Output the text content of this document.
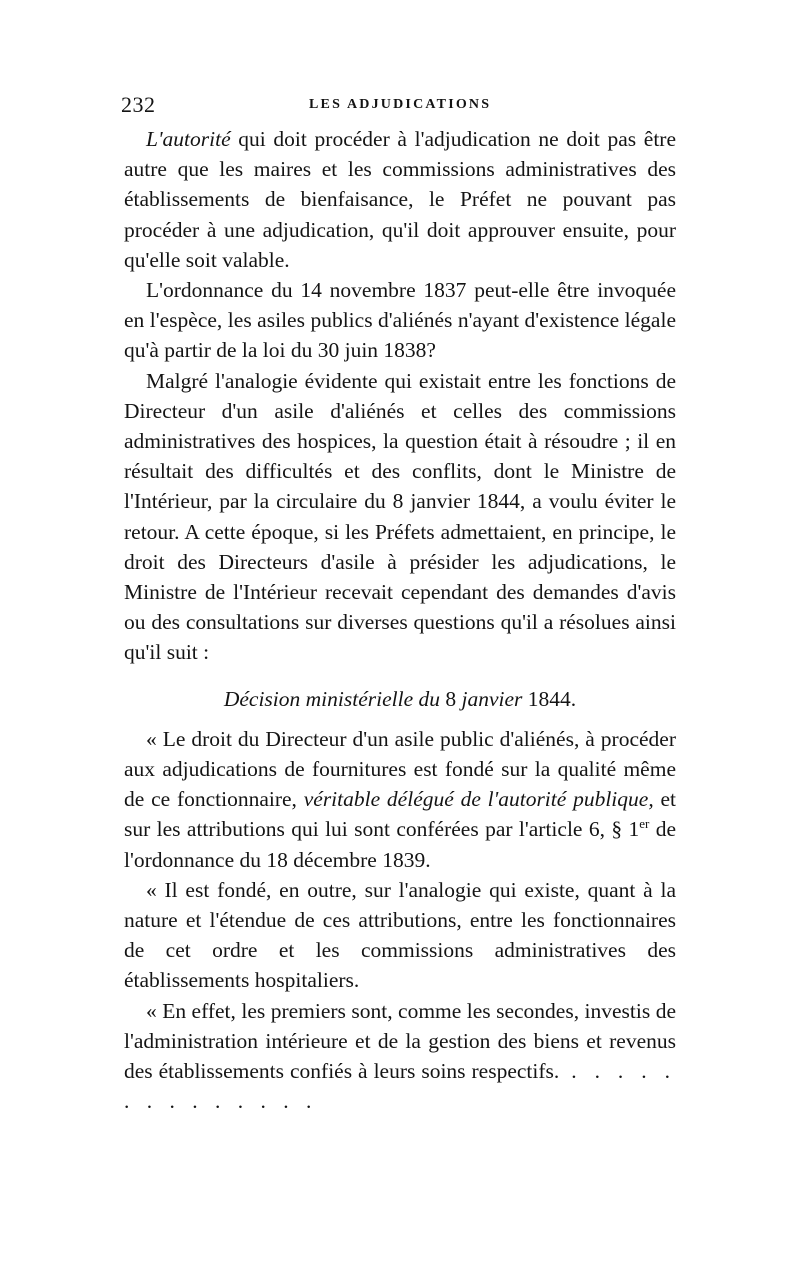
232	LES ADJUDICATIONS

L'autorité qui doit procéder à l'adjudication ne doit pas être autre que les maires et les commissions administratives des établissements de bienfaisance, le Préfet ne pouvant pas procéder à une adjudication, qu'il doit approuver ensuite, pour qu'elle soit valable.

L'ordonnance du 14 novembre 1837 peut-elle être invoquée en l'espèce, les asiles publics d'aliénés n'ayant d'existence légale qu'à partir de la loi du 30 juin 1838?

Malgré l'analogie évidente qui existait entre les fonctions de Directeur d'un asile d'aliénés et celles des commissions administratives des hospices, la question était à résoudre ; il en résultait des difficultés et des conflits, dont le Ministre de l'Intérieur, par la circulaire du 8 janvier 1844, a voulu éviter le retour. A cette époque, si les Préfets admettaient, en principe, le droit des Directeurs d'asile à présider les adjudications, le Ministre de l'Intérieur recevait cependant des demandes d'avis ou des consultations sur diverses questions qu'il a résolues ainsi qu'il suit :

Décision ministérielle du 8 janvier 1844.

« Le droit du Directeur d'un asile public d'aliénés, à procéder aux adjudications de fournitures est fondé sur la qualité même de ce fonctionnaire, véritable délégué de l'autorité publique, et sur les attributions qui lui sont conférées par l'article 6, § 1er de l'ordonnance du 18 décembre 1839.

« Il est fondé, en outre, sur l'analogie qui existe, quant à la nature et l'étendue de ces attributions, entre les fonctionnaires de cet ordre et les commissions administratives des établissements hospitaliers.

« En effet, les premiers sont, comme les secondes, investis de l'administration intérieure et de la gestion des biens et revenus des établissements confiés à leurs soins respectifs. . . . . . . . . . . . . . .
